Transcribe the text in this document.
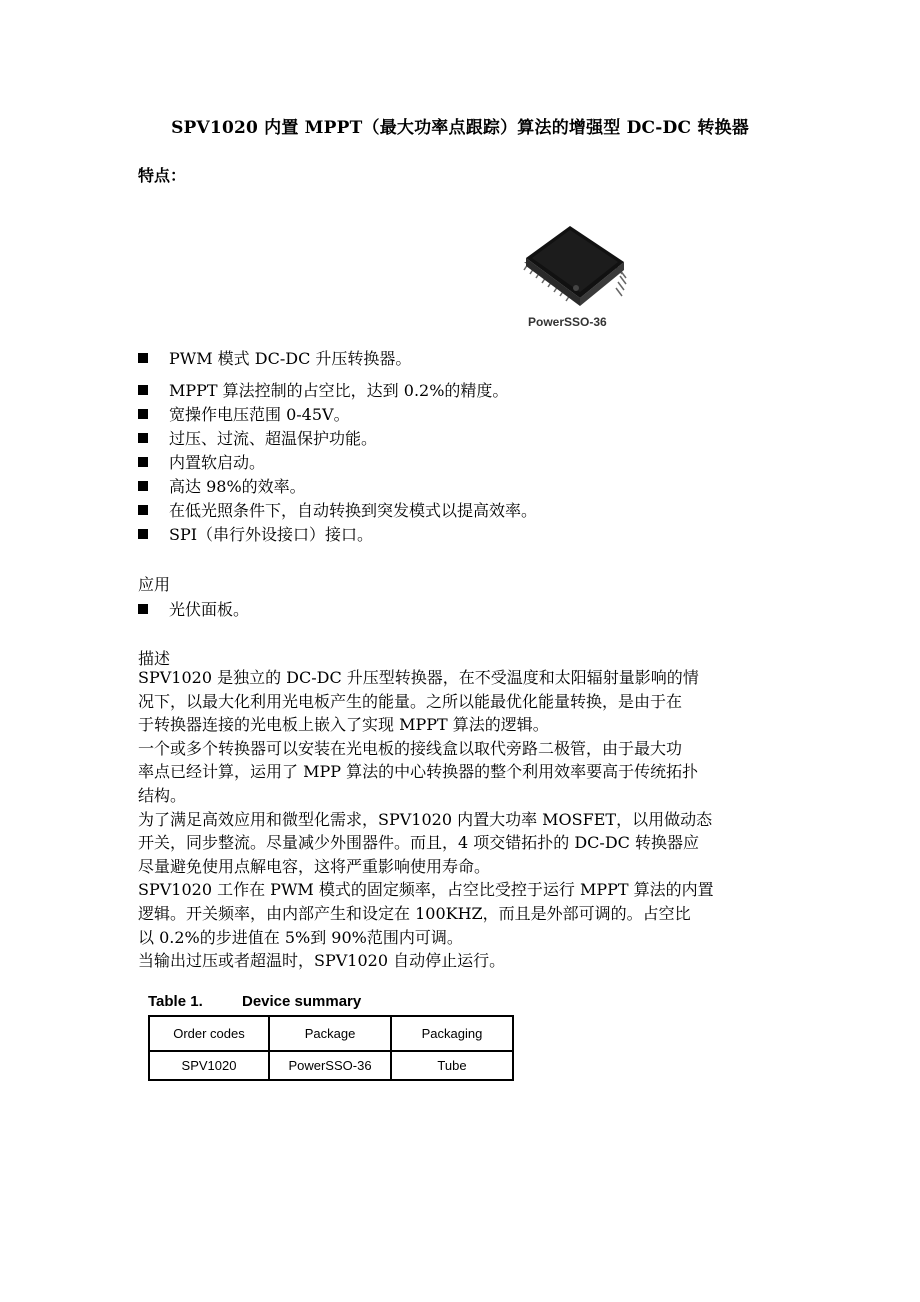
SPV1020 内置 MPPT（最大功率点跟踪）算法的增强型 DC-DC 转换器
特点：
PowerSSO-36
PWM 模式 DC-DC 升压转换器。
MPPT 算法控制的占空比，达到 0.2%的精度。
宽操作电压范围 0-45V。
过压、过流、超温保护功能。
内置软启动。
高达 98%的效率。
在低光照条件下，自动转换到突发模式以提高效率。
SPI（串行外设接口）接口。
应用
光伏面板。
描述

SPV1020 是独立的 DC-DC 升压型转换器，在不受温度和太阳辐射量影响的情

况下，以最大化利用光电板产生的能量。之所以能最优化能量转换，是由于在

于转换器连接的光电板上嵌入了实现 MPPT 算法的逻辑。

一个或多个转换器可以安装在光电板的接线盒以取代旁路二极管，由于最大功

率点已经计算，运用了 MPP 算法的中心转换器的整个利用效率要高于传统拓扑

结构。

为了满足高效应用和微型化需求，SPV1020 内置大功率 MOSFET，以用做动态

开关，同步整流。尽量减少外围器件。而且，4 项交错拓扑的 DC-DC 转换器应

尽量避免使用点解电容，这将严重影响使用寿命。

SPV1020 工作在 PWM 模式的固定频率，占空比受控于运行 MPPT 算法的内置

逻辑。开关频率，由内部产生和设定在 100KHZ，而且是外部可调的。占空比

以 0.2%的步进值在 5%到 90%范围内可调。

当输出过压或者超温时，SPV1020 自动停止运行。

Table 1.	Device summary
Order codes	Package	Packaging
SPV1020	PowerSSO-36	Tube
